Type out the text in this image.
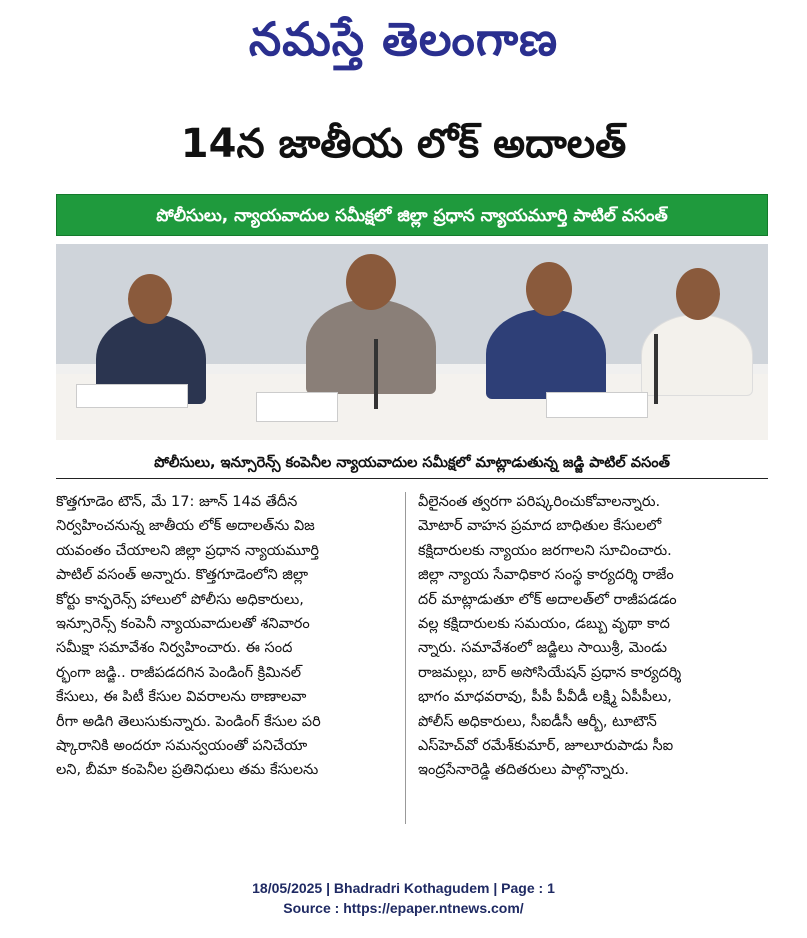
నమస్తే తెలంగాణ
14న జాతీయ లోక్ అదాలత్
పోలీసులు, న్యాయవాదుల సమీక్షలో జిల్లా ప్రధాన న్యాయమూర్తి పాటిల్ వసంత్
పోలీసులు, ఇన్సూరెన్స్ కంపెనీల న్యాయవాదుల సమీక్షలో మాట్లాడుతున్న జడ్జి పాటిల్ వసంత్
కొత్తగూడెం టౌన్, మే 17: జూన్ 14వ తేదీన
నిర్వహించనున్న జాతీయ లోక్ అదాలత్‌ను విజ
యవంతం చేయాలని జిల్లా ప్రధాన న్యాయమూర్తి
పాటిల్ వసంత్ అన్నారు. కొత్తగూడెంలోని జిల్లా
కోర్టు కాన్ఫరెన్స్ హాలులో పోలీసు అధికారులు,
ఇన్సూరెన్స్ కంపెనీ న్యాయవాదులతో శనివారం
సమీక్షా సమావేశం నిర్వహించారు. ఈ సంద
ర్భంగా జడ్జి.. రాజీపడదగిన పెండింగ్ క్రిమినల్
కేసులు, ఈ పిటీ కేసుల వివరాలను ఠాణాలవా
రీగా అడిగి తెలుసుకున్నారు. పెండింగ్ కేసుల పరి
ష్కారానికి అందరూ సమన్వయంతో పనిచేయా
లని, బీమా కంపెనీల ప్రతినిధులు తమ కేసులను
వీలైనంత త్వరగా పరిష్కరించుకోవాలన్నారు.
మోటార్ వాహన ప్రమాద బాధితుల కేసులలో
కక్షిదారులకు న్యాయం జరగాలని సూచించారు.
జిల్లా న్యాయ సేవాధికార సంస్థ కార్యదర్శి రాజేం
దర్ మాట్లాడుతూ లోక్ అదాలత్‌లో రాజీపడడం
వల్ల కక్షిదారులకు సమయం, డబ్బు వృథా కాద
న్నారు. సమావేశంలో జడ్జిలు సాయిశ్రీ, మెండు
రాజమల్లు, బార్ అసోసియేషన్ ప్రధాన కార్యదర్శి
భాగం మాధవరావు, పీపీ పీవీడీ లక్ష్మి ఏపీపీలు,
పోలీస్ అధికారులు, సీఐడీసీ ఆర్బీ, టూటౌన్
ఎస్‌హెచ్‌వో రమేశ్‌కుమార్, జూలూరుపాడు సీఐ
ఇంద్రసేనారెడ్డి తదితరులు పాల్గొన్నారు.
18/05/2025 | Bhadradri Kothagudem | Page : 1
Source : https://epaper.ntnews.com/
